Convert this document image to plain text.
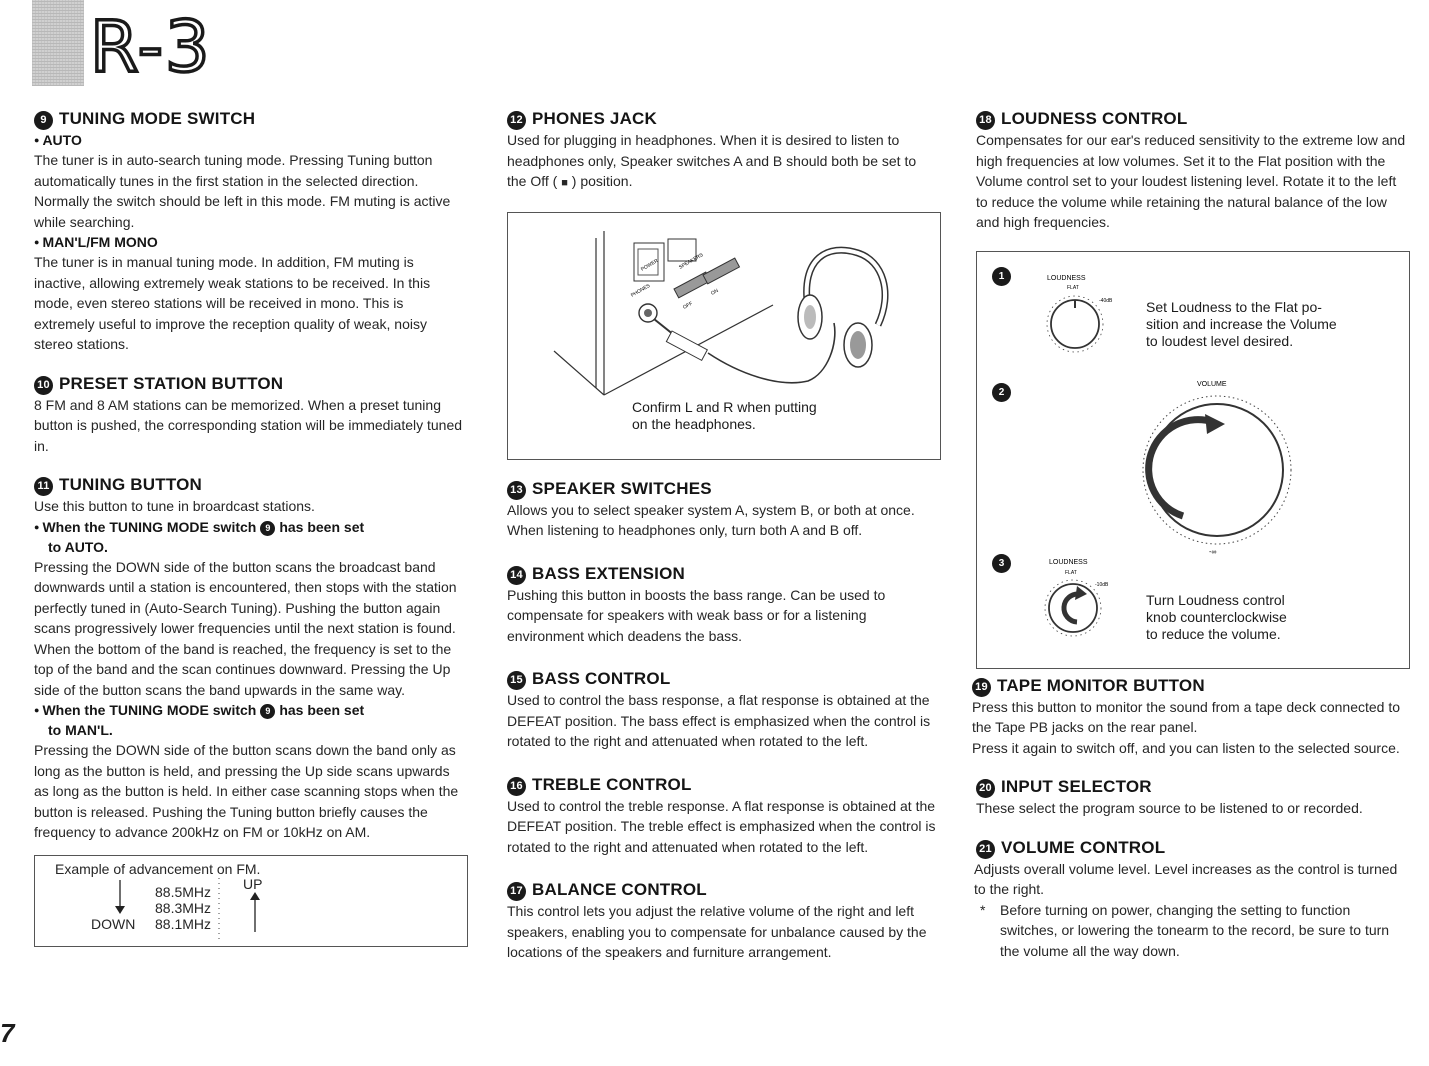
R-3
9 TUNING MODE SWITCH

● AUTO

The tuner is in auto-search tuning mode. Pressing Tuning button automatically tunes in the first station in the selected direction. Normally the switch should be left in this mode. FM muting is active while searching.

● MAN'L/FM MONO

The tuner is in manual tuning mode. In addition, FM muting is inactive, allowing extremely weak stations to be received. In this mode, even stereo stations will be received in mono. This is extremely useful to improve the reception quality of weak, noisy stereo stations.

10 PRESET STATION BUTTON

8 FM and 8 AM stations can be memorized. When a preset tuning button is pushed, the corresponding station will be immediately tuned in.

11 TUNING BUTTON

Use this button to tune in broardcast stations.

● When the TUNING MODE switch 9 has been set

to AUTO.

Pressing the DOWN side of the button scans the broadcast band downwards until a station is encountered, then stops with the station perfectly tuned in (Auto-Search Tuning). Pushing the button again scans progressively lower frequencies until the next station is found. When the bottom of the band is reached, the frequency is set to the top of the band and the scan continues downward. Pressing the Up side of the button scans the band upwards in the same way.

● When the TUNING MODE switch 9 has been set

to MAN'L.

Pressing the DOWN side of the button scans down the band only as long as the button is held, and pressing the Up side scans upwards as long as the button is held. In either case scanning stops when the button is released. Pushing the Tuning button briefly causes the frequency to advance 200kHz on FM or 10kHz on AM.

Example of advancement on FM.
UP
88.5MHz
88.3MHz
DOWN 88.1MHz
7
12 PHONES JACK

Used for plugging in headphones. When it is desired to listen to headphones only, Speaker switches A and B should both be set to the Off ( ■ ) position.

POWER	SPEAKERS
PHONES
OFF
ON
Confirm L and R when putting
on the headphones.
13 SPEAKER SWITCHES

Allows you to select speaker system A, system B, or both at once. When listening to headphones only, turn both A and B off.

14 BASS EXTENSION

Pushing this button in boosts the bass range. Can be used to compensate for speakers with weak bass or for a listening environment which deadens the bass.

15 BASS CONTROL

Used to control the bass response, a flat response is obtained at the DEFEAT position. The bass effect is emphasized when the control is rotated to the right and attenuated when rotated to the left.

16 TREBLE CONTROL

Used to control the treble response. A flat response is obtained at the DEFEAT position. The treble effect is emphasized when the control is rotated to the right and attenuated when rotated to the left.

17 BALANCE CONTROL

This control lets you adjust the relative volume of the right and left speakers, enabling you to compensate for unbalance caused by the locations of the speakers and furniture arrangement.

18 LOUDNESS CONTROL

Compensates for our ear's reduced sensitivity to the extreme low and high frequencies at low volumes. Set it to the Flat position with the Volume control set to your loudest listening level. Rotate it to the left to reduce the volume while retaining the natural balance of the low and high frequencies.

1
2
3
LOUDNESS
FLAT
-40dB
VOLUME
-∞
LOUDNESS
FLAT
-10dB
Set Loudness to the Flat po-
sition and increase the Volume
to loudest level desired.
Turn Loudness control
knob counterclockwise
to reduce the volume.
19 TAPE MONITOR BUTTON

Press this button to monitor the sound from a tape deck connected to the Tape PB jacks on the rear panel.

Press it again to switch off, and you can listen to the selected source.

20 INPUT SELECTOR

These select the program source to be listened to or recorded.

21 VOLUME CONTROL

Adjusts overall volume level. Level increases as the control is turned to the right.

* Before turning on power, changing the setting to function switches, or lowering the tonearm to the record, be sure to turn the volume all the way down.
